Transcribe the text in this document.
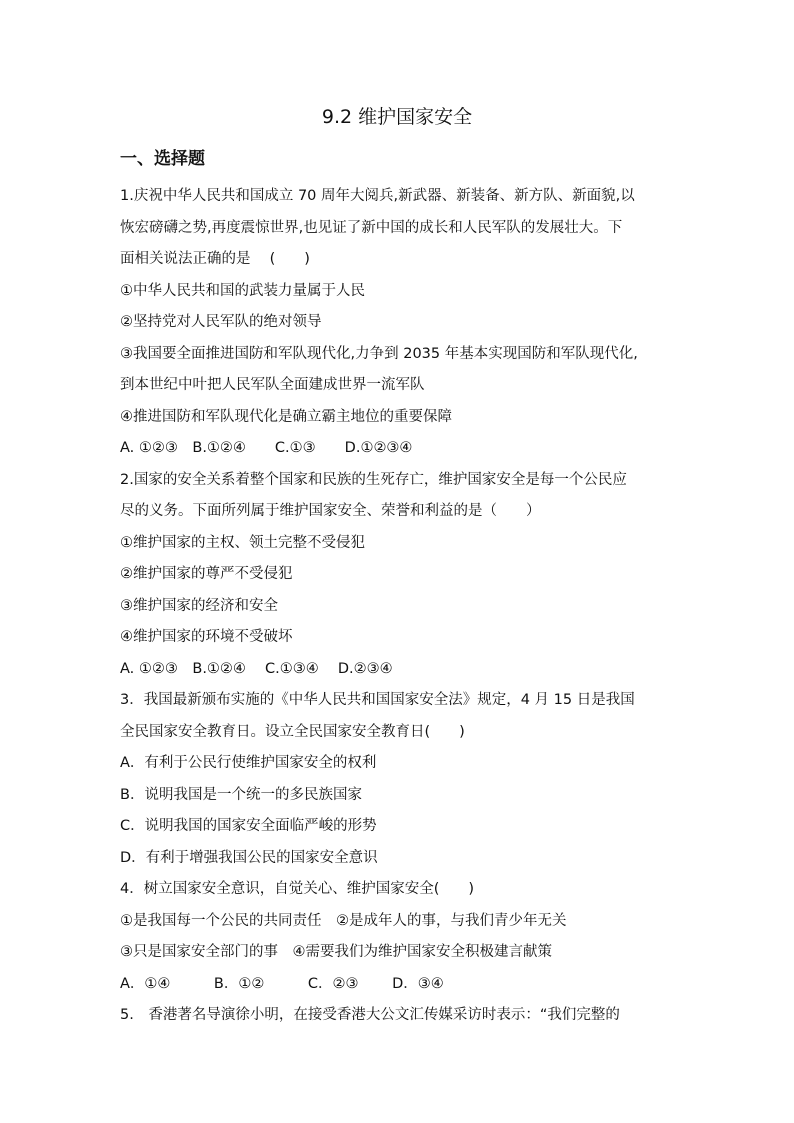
9.2 维护国家安全
一、选择题
1.庆祝中华人民共和国成立 70 周年大阅兵,新武器、新装备、新方队、新面貌,以
恢宏磅礴之势,再度震惊世界,也见证了新中国的成长和人民军队的发展壮大。下
面相关说法正确的是　 (　　)
①中华人民共和国的武装力量属于人民
②坚持党对人民军队的绝对领导
③我国要全面推进国防和军队现代化,力争到 2035 年基本实现国防和军队现代化,
到本世纪中叶把人民军队全面建成世界一流军队
④推进国防和军队现代化是确立霸主地位的重要保障
A. ①②③　B.①②④　　C.①③　　D.①②③④
2.国家的安全关系着整个国家和民族的生死存亡，维护国家安全是每一个公民应
尽的义务。下面所列属于维护国家安全、荣誉和利益的是（　　）
①维护国家的主权、领土完整不受侵犯
②维护国家的尊严不受侵犯
③维护国家的经济和安全
④维护国家的环境不受破坏
A. ①②③　B.①②④　 C.①③④　 D.②③④
3．我国最新颁布实施的《中华人民共和国国家安全法》规定，4 月 15 日是我国
全民国家安全教育日。设立全民国家安全教育日(　　)
A．有利于公民行使维护国家安全的权利
B．说明我国是一个统一的多民族国家
C．说明我国的国家安全面临严峻的形势
D．有利于增强我国公民的国家安全意识
4．树立国家安全意识，自觉关心、维护国家安全(　　)
①是我国每一个公民的共同责任　②是成年人的事，与我们青少年无关
③只是国家安全部门的事　④需要我们为维护国家安全积极建言献策
A．①④　　　B．①②　　　C．②③　　 D．③④
5.　香港著名导演徐小明，在接受香港大公文汇传媒采访时表示：“我们完整的
